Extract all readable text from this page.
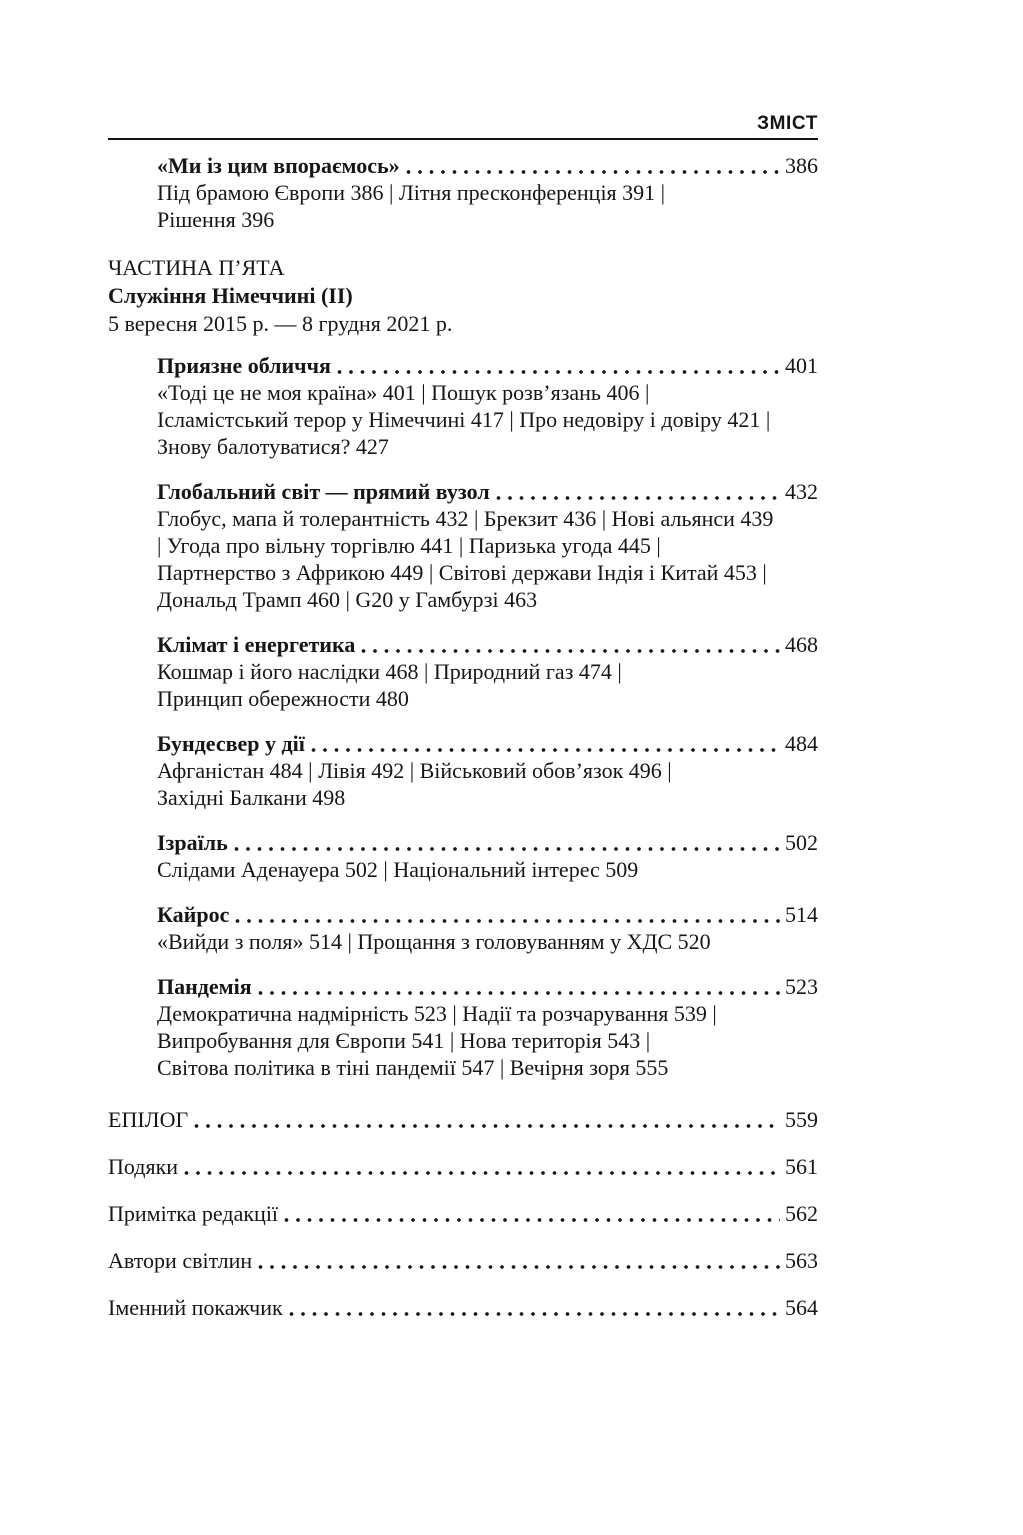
ЗМІСТ
«Ми із цим впораємось»	386
Під брамою Європи 386 | Літня пресконференція 391 |
Рішення 396
ЧАСТИНА П’ЯТА
Служіння Німеччині (ІІ)
5 вересня 2015 р. — 8 грудня 2021 р.
Приязне обличчя	401
«Тоді це не моя країна» 401 | Пошук розв’язань 406 |
Ісламістський терор у Німеччині 417 | Про недовіру і довіру 421 |
Знову балотуватися? 427
Глобальний світ — прямий вузол	432
Глобус, мапа й толерантність 432 | Брекзит 436 | Нові альянси 439
| Угода про вільну торгівлю 441 | Паризька угода 445 |
Партнерство з Африкою 449 | Світові держави Індія і Китай 453 |
Дональд Трамп 460 | G20 у Гамбурзі 463
Клімат і енергетика	468
Кошмар і його наслідки 468 | Природний газ 474 |
Принцип обережности 480
Бундесвер у дії	484
Афганістан 484 | Лівія 492 | Військовий обов’язок 496 |
Західні Балкани 498
Ізраїль	502
Слідами Аденауера 502 | Національний інтерес 509
Кайрос	514
«Вийди з поля» 514 | Прощання з головуванням у ХДС 520
Пандемія	523
Демократична надмірність 523 | Надії та розчарування 539 |
Випробування для Європи 541 | Нова територія 543 |
Світова політика в тіні пандемії 547 | Вечірня зоря 555
ЕПІЛОГ	559
Подяки	561
Примітка редакції	562
Автори світлин	563
Іменний покажчик	564
